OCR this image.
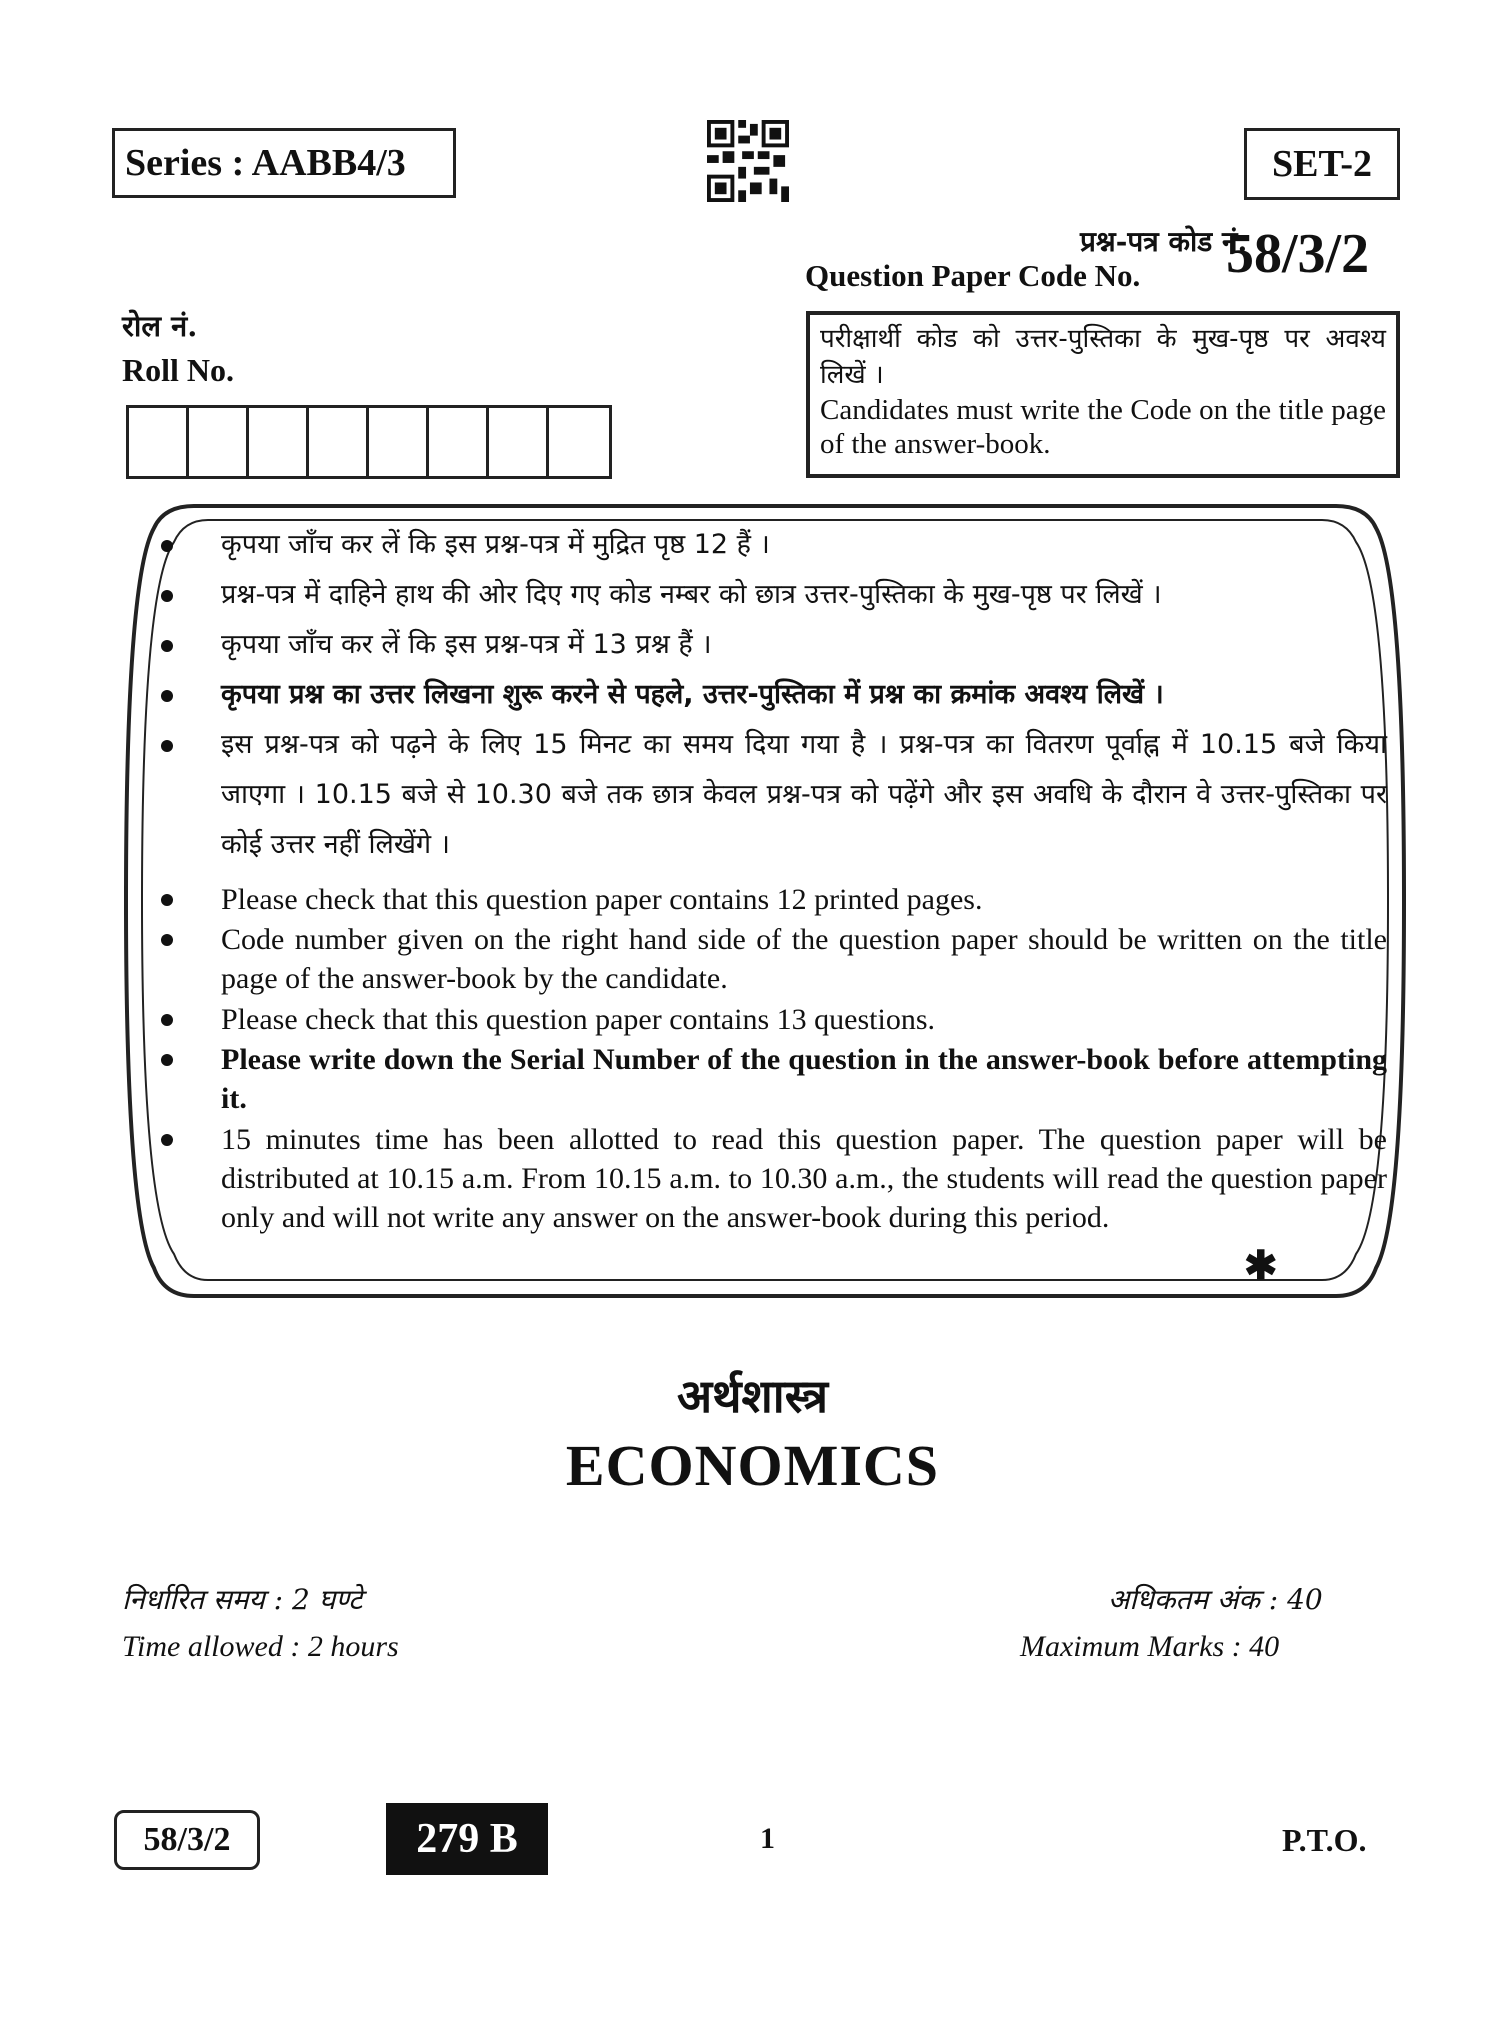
Series : AABB4/3	SET-2
प्रश्न-पत्र कोड नं.
Question Paper Code No. 58/3/2
रोल नं.
Roll No.
परीक्षार्थी कोड को उत्तर-पुस्तिका के मुख-पृष्ठ पर अवश्य लिखें ।
Candidates must write the Code on the title page of the answer-book.
कृपया जाँच कर लें कि इस प्रश्न-पत्र में मुद्रित पृष्ठ 12 हैं ।
प्रश्न-पत्र में दाहिने हाथ की ओर दिए गए कोड नम्बर को छात्र उत्तर-पुस्तिका के मुख-पृष्ठ पर लिखें ।
कृपया जाँच कर लें कि इस प्रश्न-पत्र में 13 प्रश्न हैं ।
कृपया प्रश्न का उत्तर लिखना शुरू करने से पहले, उत्तर-पुस्तिका में प्रश्न का क्रमांक अवश्य लिखें ।
इस प्रश्न-पत्र को पढ़ने के लिए 15 मिनट का समय दिया गया है । प्रश्न-पत्र का वितरण पूर्वाह्न में 10.15 बजे किया जाएगा । 10.15 बजे से 10.30 बजे तक छात्र केवल प्रश्न-पत्र को पढ़ेंगे और इस अवधि के दौरान वे उत्तर-पुस्तिका पर कोई उत्तर नहीं लिखेंगे ।
Please check that this question paper contains 12 printed pages.
Code number given on the right hand side of the question paper should be written on the title page of the answer-book by the candidate.
Please check that this question paper contains 13 questions.
Please write down the Serial Number of the question in the answer-book before attempting it.
15 minutes time has been allotted to read this question paper. The question paper will be distributed at 10.15 a.m. From 10.15 a.m. to 10.30 a.m., the students will read the question paper only and will not write any answer on the answer-book during this period.
✱
अर्थशास्त्र
ECONOMICS
निर्धारित समय : 2 घण्टे
Time allowed : 2 hours
अधिकतम अंक : 40
Maximum Marks : 40
58/3/2	279 B	1	P.T.O.
